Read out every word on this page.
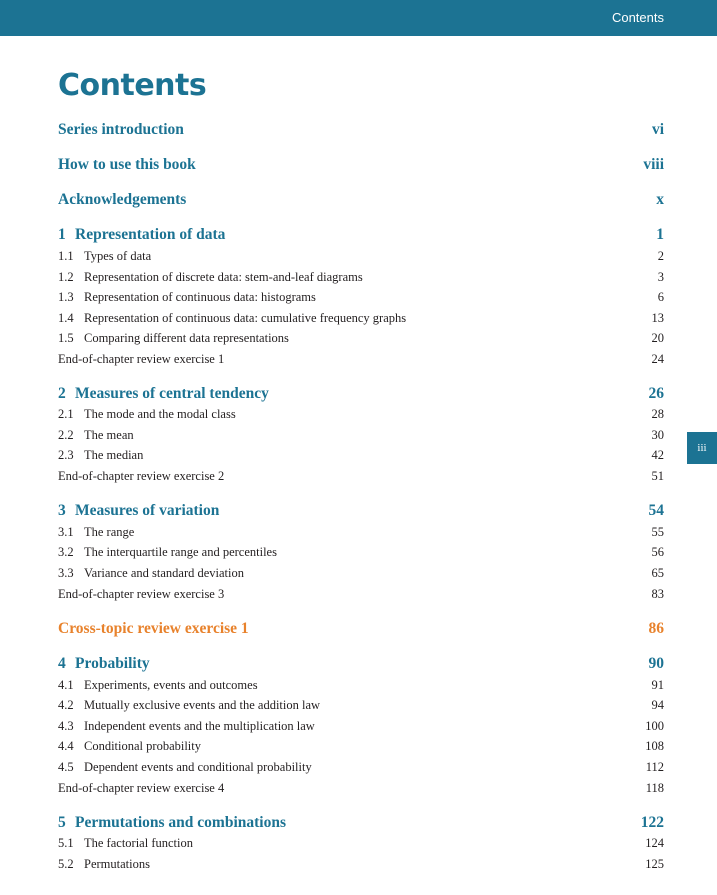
Contents
Contents
Series introduction	vi
How to use this book	viii
Acknowledgements	x
1 Representation of data	1
1.1 Types of data	2
1.2 Representation of discrete data: stem-and-leaf diagrams	3
1.3 Representation of continuous data: histograms	6
1.4 Representation of continuous data: cumulative frequency graphs	13
1.5 Comparing different data representations	20
End-of-chapter review exercise 1	24
2 Measures of central tendency	26
2.1 The mode and the modal class	28
2.2 The mean	30
2.3 The median	42
End-of-chapter review exercise 2	51
3 Measures of variation	54
3.1 The range	55
3.2 The interquartile range and percentiles	56
3.3 Variance and standard deviation	65
End-of-chapter review exercise 3	83
Cross-topic review exercise 1	86
4 Probability	90
4.1 Experiments, events and outcomes	91
4.2 Mutually exclusive events and the addition law	94
4.3 Independent events and the multiplication law	100
4.4 Conditional probability	108
4.5 Dependent events and conditional probability	112
End-of-chapter review exercise 4	118
5 Permutations and combinations	122
5.1 The factorial function	124
5.2 Permutations	125
iii
